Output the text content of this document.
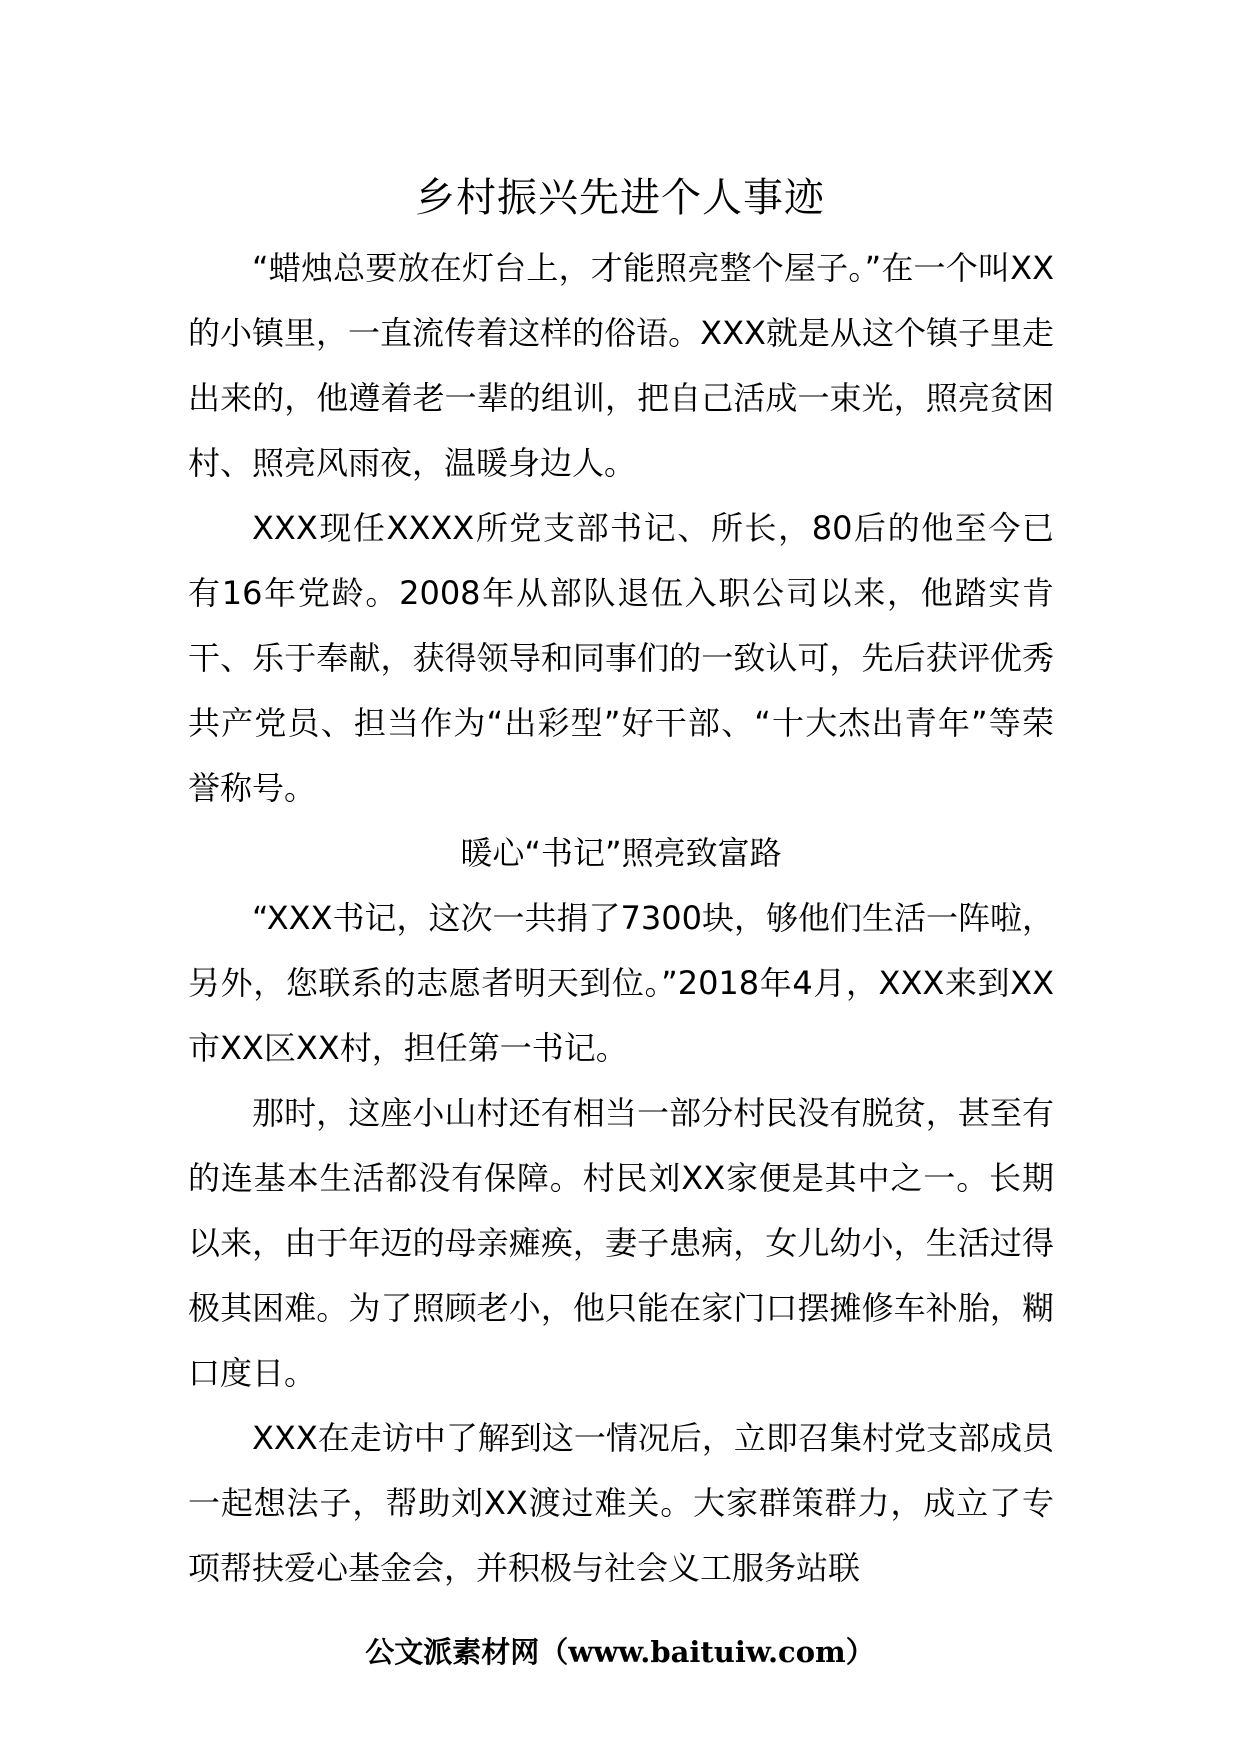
乡村振兴先进个人事迹

“蜡烛总要放在灯台上，才能照亮整个屋子。”在一个叫XX的小镇里，一直流传着这样的俗语。XXX就是从这个镇子里走出来的，他遵着老一辈的组训，把自己活成一束光，照亮贫困村、照亮风雨夜，温暖身边人。

XXX现任XXXX所党支部书记、所长，80后的他至今已有16年党龄。2008年从部队退伍入职公司以来，他踏实肯干、乐于奉献，获得领导和同事们的一致认可，先后获评优秀共产党员、担当作为“出彩型”好干部、“十大杰出青年”等荣誉称号。

暖心“书记”照亮致富路

“XXX书记，这次一共捐了7300块，够他们生活一阵啦，另外，您联系的志愿者明天到位。”2018年4月，XXX来到XX市XX区XX村，担任第一书记。

那时，这座小山村还有相当一部分村民没有脱贫，甚至有的连基本生活都没有保障。村民刘XX家便是其中之一。长期以来，由于年迈的母亲瘫痪，妻子患病，女儿幼小，生活过得极其困难。为了照顾老小，他只能在家门口摆摊修车补胎，糊口度日。

XXX在走访中了解到这一情况后，立即召集村党支部成员一起想法子，帮助刘XX渡过难关。大家群策群力，成立了专项帮扶爱心基金会，并积极与社会义工服务站联

公文派素材网（www.baituiw.com）
